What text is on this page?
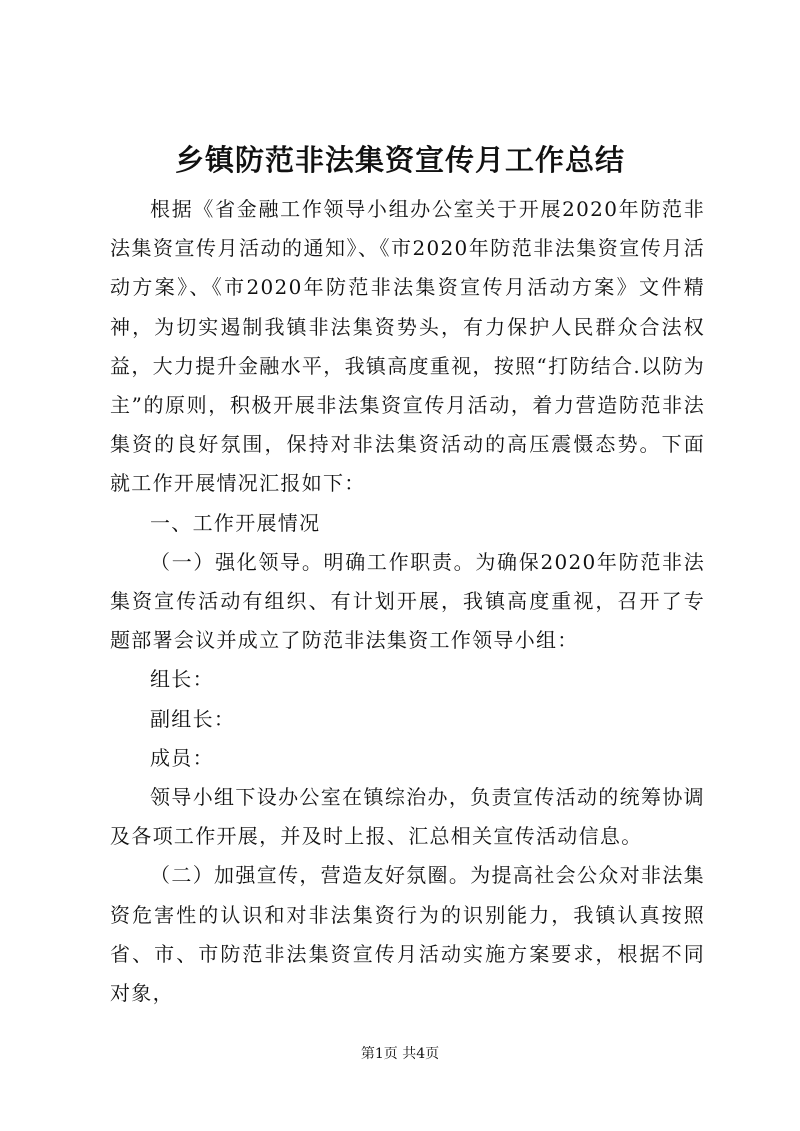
乡镇防范非法集资宣传月工作总结

根据《省金融工作领导小组办公室关于开展2020年防范非法集资宣传月活动的通知》、《市2020年防范非法集资宣传月活动方案》、《市2020年防范非法集资宣传月活动方案》文件精神，为切实遏制我镇非法集资势头，有力保护人民群众合法权益，大力提升金融水平，我镇高度重视，按照“打防结合.以防为主”的原则，积极开展非法集资宣传月活动，着力营造防范非法集资的良好氛围，保持对非法集资活动的高压震慑态势。下面就工作开展情况汇报如下：

一、工作开展情况

（一）强化领导。明确工作职责。为确保2020年防范非法集资宣传活动有组织、有计划开展，我镇高度重视，召开了专题部署会议并成立了防范非法集资工作领导小组：

组长：

副组长：

成员：

领导小组下设办公室在镇综治办，负责宣传活动的统筹协调及各项工作开展，并及时上报、汇总相关宣传活动信息。

（二）加强宣传，营造友好氛圈。为提高社会公众对非法集资危害性的认识和对非法集资行为的识别能力，我镇认真按照省、市、市防范非法集资宣传月活动实施方案要求，根据不同对象，

第1页 共4页
